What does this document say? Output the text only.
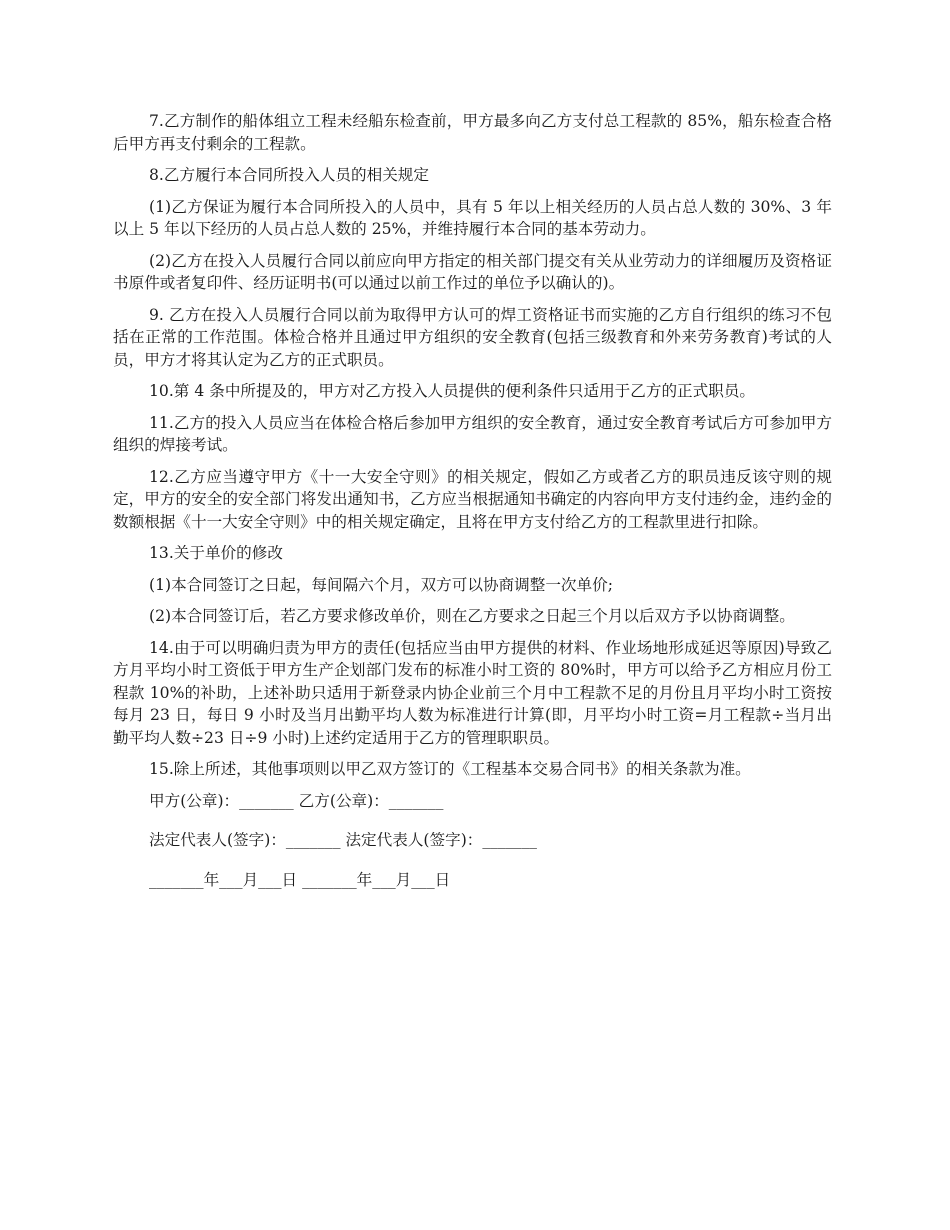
7.乙方制作的船体组立工程未经船东检查前，甲方最多向乙方支付总工程款的 85%，船东检查合格后甲方再支付剩余的工程款。

8.乙方履行本合同所投入人员的相关规定

(1)乙方保证为履行本合同所投入的人员中，具有 5 年以上相关经历的人员占总人数的 30%、3 年以上 5 年以下经历的人员占总人数的 25%，并维持履行本合同的基本劳动力。

(2)乙方在投入人员履行合同以前应向甲方指定的相关部门提交有关从业劳动力的详细履历及资格证书原件或者复印件、经历证明书(可以通过以前工作过的单位予以确认的)。

9. 乙方在投入人员履行合同以前为取得甲方认可的焊工资格证书而实施的乙方自行组织的练习不包括在正常的工作范围。体检合格并且通过甲方组织的安全教育(包括三级教育和外来劳务教育)考试的人员，甲方才将其认定为乙方的正式职员。

10.第 4 条中所提及的，甲方对乙方投入人员提供的便利条件只适用于乙方的正式职员。

11.乙方的投入人员应当在体检合格后参加甲方组织的安全教育，通过安全教育考试后方可参加甲方组织的焊接考试。

12.乙方应当遵守甲方《十一大安全守则》的相关规定，假如乙方或者乙方的职员违反该守则的规定，甲方的安全的安全部门将发出通知书，乙方应当根据通知书确定的内容向甲方支付违约金，违约金的数额根据《十一大安全守则》中的相关规定确定，且将在甲方支付给乙方的工程款里进行扣除。

13.关于单价的修改

(1)本合同签订之日起，每间隔六个月，双方可以协商调整一次单价;

(2)本合同签订后，若乙方要求修改单价，则在乙方要求之日起三个月以后双方予以协商调整。

14.由于可以明确归责为甲方的责任(包括应当由甲方提供的材料、作业场地形成延迟等原因)导致乙方月平均小时工资低于甲方生产企划部门发布的标准小时工资的 80%时，甲方可以给予乙方相应月份工程款 10%的补助，上述补助只适用于新登录内协企业前三个月中工程款不足的月份且月平均小时工资按每月 23 日，每日 9 小时及当月出勤平均人数为标准进行计算(即，月平均小时工资=月工程款÷当月出勤平均人数÷23 日÷9 小时)上述约定适用于乙方的管理职职员。

15.除上所述，其他事项则以甲乙双方签订的《工程基本交易合同书》的相关条款为准。

甲方(公章)：_______ 乙方(公章)：_______
法定代表人(签字)：_______ 法定代表人(签字)：_______
_______年___月___日 _______年___月___日
